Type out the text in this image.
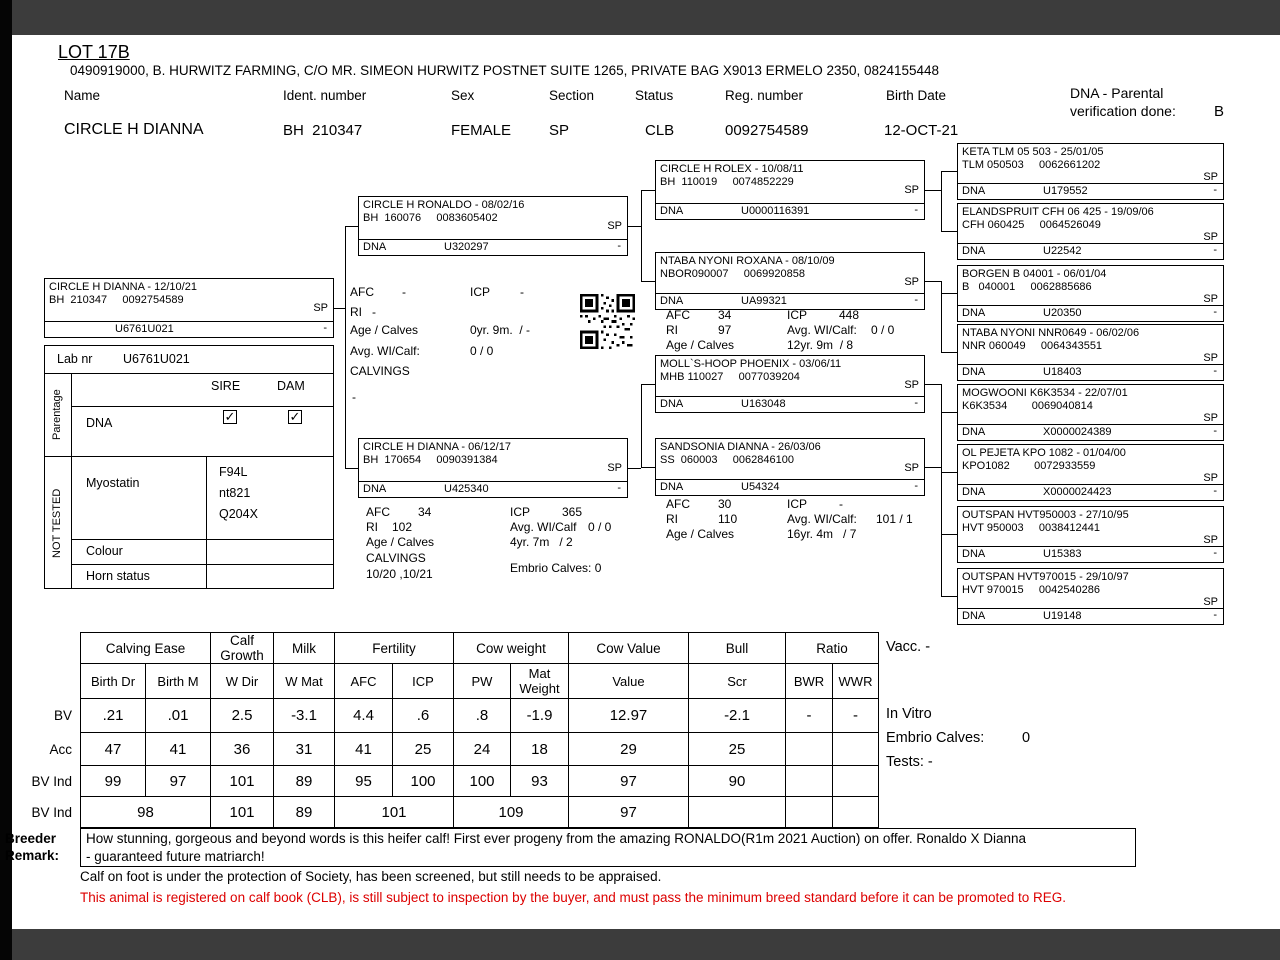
LOT 17B
0490919000, B. HURWITZ FARMING, C/O MR. SIMEON HURWITZ POSTNET SUITE 1265, PRIVATE BAG X9013 ERMELO 2350, 0824155448
Name	Ident. number	Sex	Section	Status	Reg. number	Birth Date	DNA - Parental
verification done:	B
CIRCLE H DIANNA	BH  210347	FEMALE	SP	CLB	0092754589	12-OCT-21
CIRCLE H DIANNA - 12/10/21
BH  210347     0092754589
SP
U6761U021	-
CIRCLE H RONALDO - 08/02/16
BH  160076     0083605402
SP
DNA	U320297	-
CIRCLE H DIANNA - 06/12/17
BH  170654     0090391384
SP
DNA	U425340	-
CIRCLE H ROLEX - 10/08/11
BH  110019     0074852229
SP
DNA	U0000116391	-
NTABA NYONI ROXANA - 08/10/09
NBOR090007     0069920858
SP
DNA	UA99321	-
MOLL`S-HOOP PHOENIX - 03/06/11
MHB 110027     0077039204
SP
DNA	U163048	-
SANDSONIA DIANNA - 26/03/06
SS  060003     0062846100
SP
DNA	U54324	-
KETA TLM 05 503 - 25/01/05
TLM 050503     0062661202
SP
DNA	U179552	-
ELANDSPRUIT CFH 06 425 - 19/09/06
CFH 060425     0064526049
SP
DNA	U22542	-
BORGEN B 04001 - 06/01/04
B   040001     0062885686
SP
DNA	U20350	-
NTABA NYONI NNR0649 - 06/02/06
NNR 060049     0064343551
SP
DNA	U18403	-
MOGWOONI K6K3534 - 22/07/01
K6K3534        0069040814
SP
DNA	X0000024389	-
OL PEJETA KPO 1082 - 01/04/00
KPO1082        0072933559
SP
DNA	X0000024423	-
OUTSPAN HVT950003 - 27/10/95
HVT 950003     0038412441
SP
DNA	U15383	-
OUTSPAN HVT970015 - 29/10/97
HVT 970015     0042540286
SP
DNA	U19148	-
AFC -	ICP -
RI -
Age / Calves	0yr. 9m.  / -
Avg. WI/Calf:	0 / 0
CALVINGS
-
AFC 34	ICP	448
RI	97	Avg. WI/Calf: 0 / 0
Age / Calves	12yr. 9m  / 8
AFC 34	ICP	365
RI 102	Avg. WI/Calf 0 / 0
Age / Calves	4yr. 7m   / 2
CALVINGS
10/20 ,10/21	Embrio Calves: 0
AFC 30	ICP	-
RI	110	Avg. WI/Calf: 101 / 1
Age / Calves	16yr. 4m   / 7
Lab nr U6761U021
Parentage
NOT TESTED
SIRE	DAM
DNA	✓	✓
Myostatin
F94L
nt821
Q204X
Colour
Horn status
Calving Ease		Calf Growth	Milk	Fertility		Cow weight		Cow Value	Bull	Ratio	
Birth Dr	Birth M	W Dir	W Mat	AFC	ICP	PW	Mat Weight	Value	Scr	BWR	WWR
.21	.01	2.5	-3.1	4.4	.6	.8	-1.9	12.97	-2.1	-	-
47	41	36	31	41	25	24	18	29	25		
99	97	101	89	95	100	100	93	97	90		
98		101	89	101		109		97			
BV
Acc
BV Ind
BV Ind
Vacc. -
In Vitro
Embrio Calves:	0
Tests: -
Breeder
Remark:
How stunning, gorgeous and beyond words is this heifer calf! First ever progeny from the amazing RONALDO(R1m 2021 Auction) on offer. Ronaldo X Dianna
- guaranteed future matriarch!
Calf on foot is under the protection of Society, has been screened, but still needs to be appraised.
This animal is registered on calf book (CLB), is still subject to inspection by the buyer, and must pass the minimum breed standard before it can be promoted to REG.
